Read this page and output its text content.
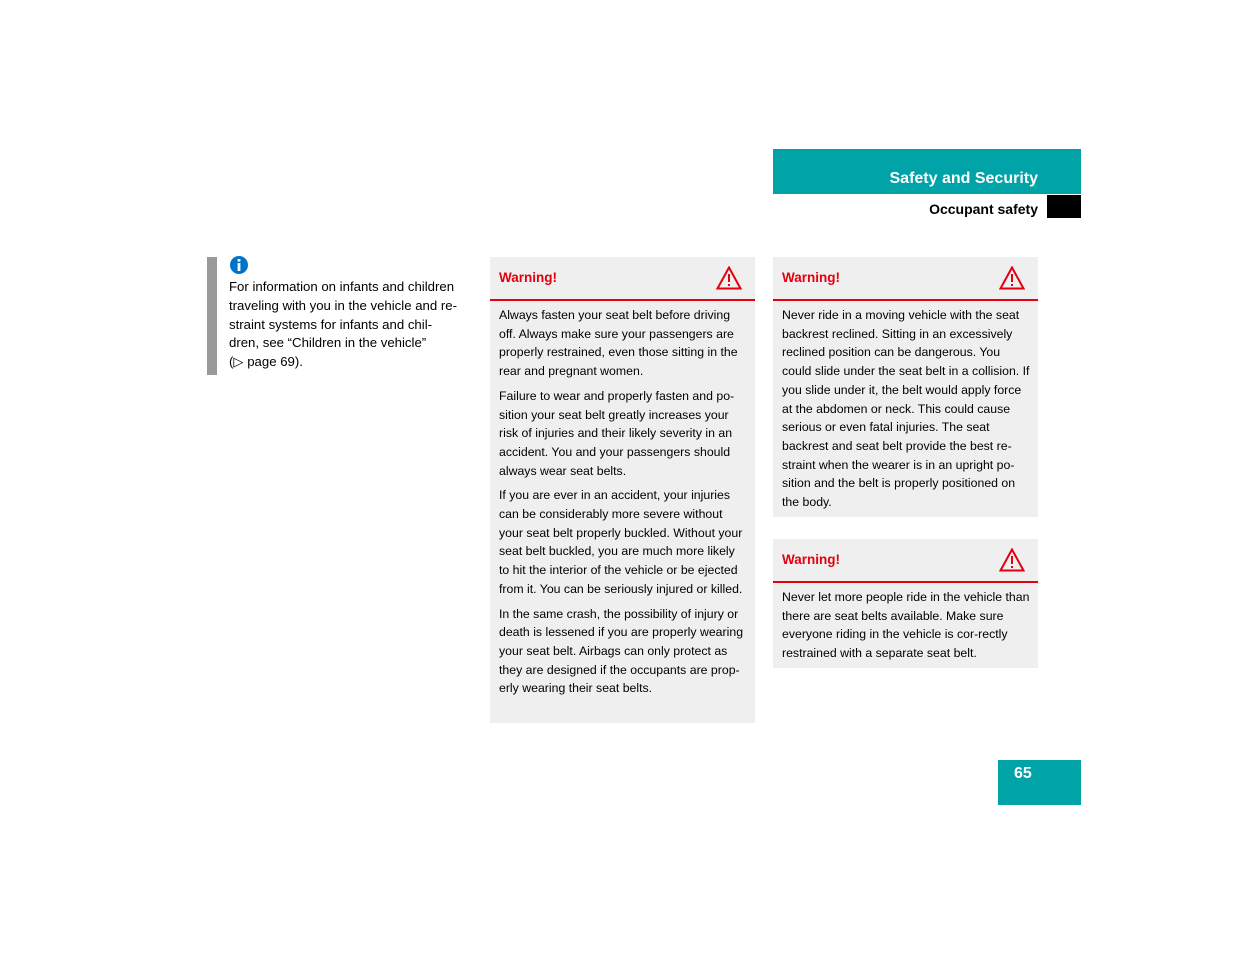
Safety and Security
Occupant safety

For information on infants and children

traveling with you in the vehicle and re-

straint systems for infants and chil-

dren, see “Children in the vehicle”

(▷ page 69).

Warning!

Always fasten your seat belt before driving off. Always make sure your passengers are properly restrained, even those sitting in the rear and pregnant women.

Failure to wear and properly fasten and po-sition your seat belt greatly increases your risk of injuries and their likely severity in an accident. You and your passengers should always wear seat belts.

If you are ever in an accident, your injuries can be considerably more severe without your seat belt properly buckled. Without your seat belt buckled, you are much more likely to hit the interior of the vehicle or be ejected from it. You can be seriously injured or killed.

In the same crash, the possibility of injury or death is lessened if you are properly wearing your seat belt. Airbags can only protect as they are designed if the occupants are prop-erly wearing their seat belts.

Warning!

Never ride in a moving vehicle with the seat backrest reclined. Sitting in an excessively reclined position can be dangerous. You could slide under the seat belt in a collision. If you slide under it, the belt would apply force at the abdomen or neck. This could cause serious or even fatal injuries. The seat backrest and seat belt provide the best re-straint when the wearer is in an upright po-sition and the belt is properly positioned on the body.

Warning!

Never let more people ride in the vehicle than there are seat belts available. Make sure everyone riding in the vehicle is cor-rectly restrained with a separate seat belt.

65
